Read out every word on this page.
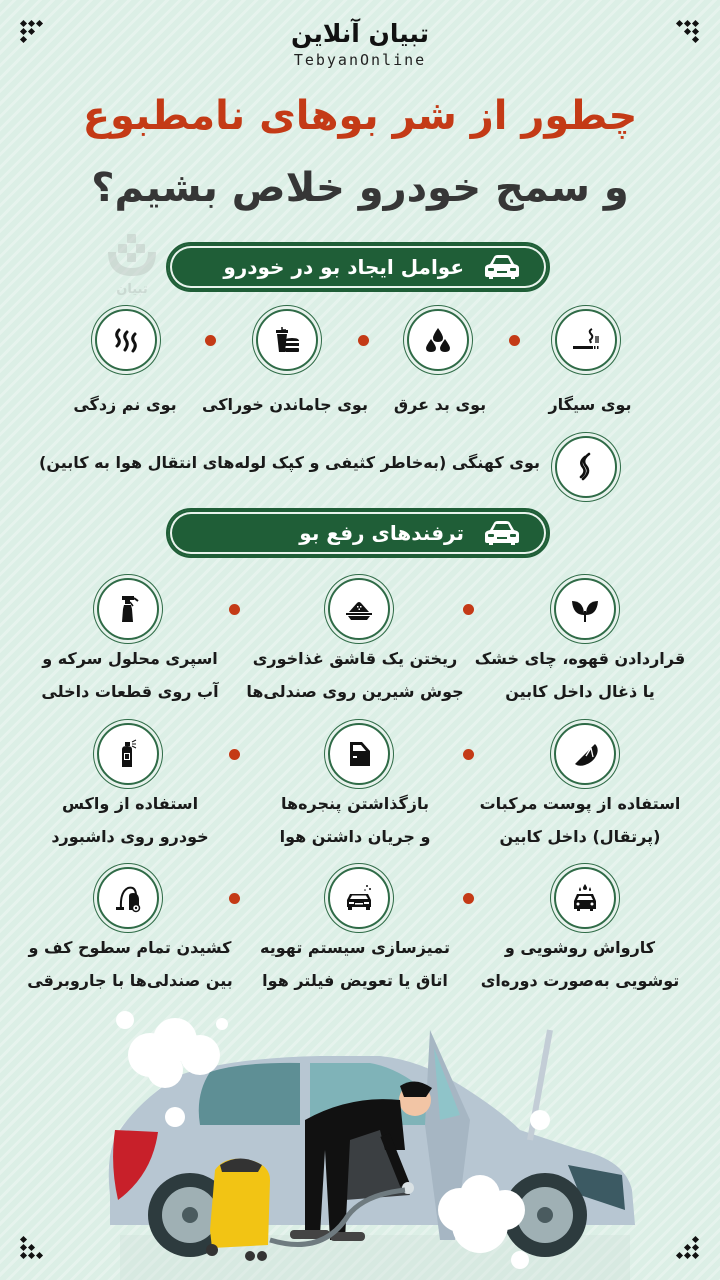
تبیان آنلاین
TebyanOnline
چطور از شر بوهای نامطبوع
و سمج خودرو خلاص بشیم؟
تبیان
عوامل ایجاد بو در خودرو
بوی سیگار
بوی بد عرق
بوی جاماندن خوراکی
بوی نم زدگی
بوی کهنگی (به‌خاطر کثیفی و کپک لوله‌های انتقال هوا به کابین)
ترفندهای رفع بو
قراردادن قهوه، چای خشک
یا ذغال داخل کابین
ریختن یک قاشق غذاخوری
جوش شیرین روی صندلی‌ها
اسپری محلول سرکه و
آب روی قطعات داخلی
استفاده از پوست مرکبات
(پرتقال) داخل کابین
بازگذاشتن پنجره‌ها
و جریان داشتن هوا
استفاده از واکس
خودرو روی داشبورد
کارواش روشویی و
توشویی به‌صورت دوره‌ای
تمیزسازی سیستم تهویه
اتاق یا تعویض فیلتر هوا
کشیدن تمام سطوح کف و
بین صندلی‌ها با جاروبرقی
